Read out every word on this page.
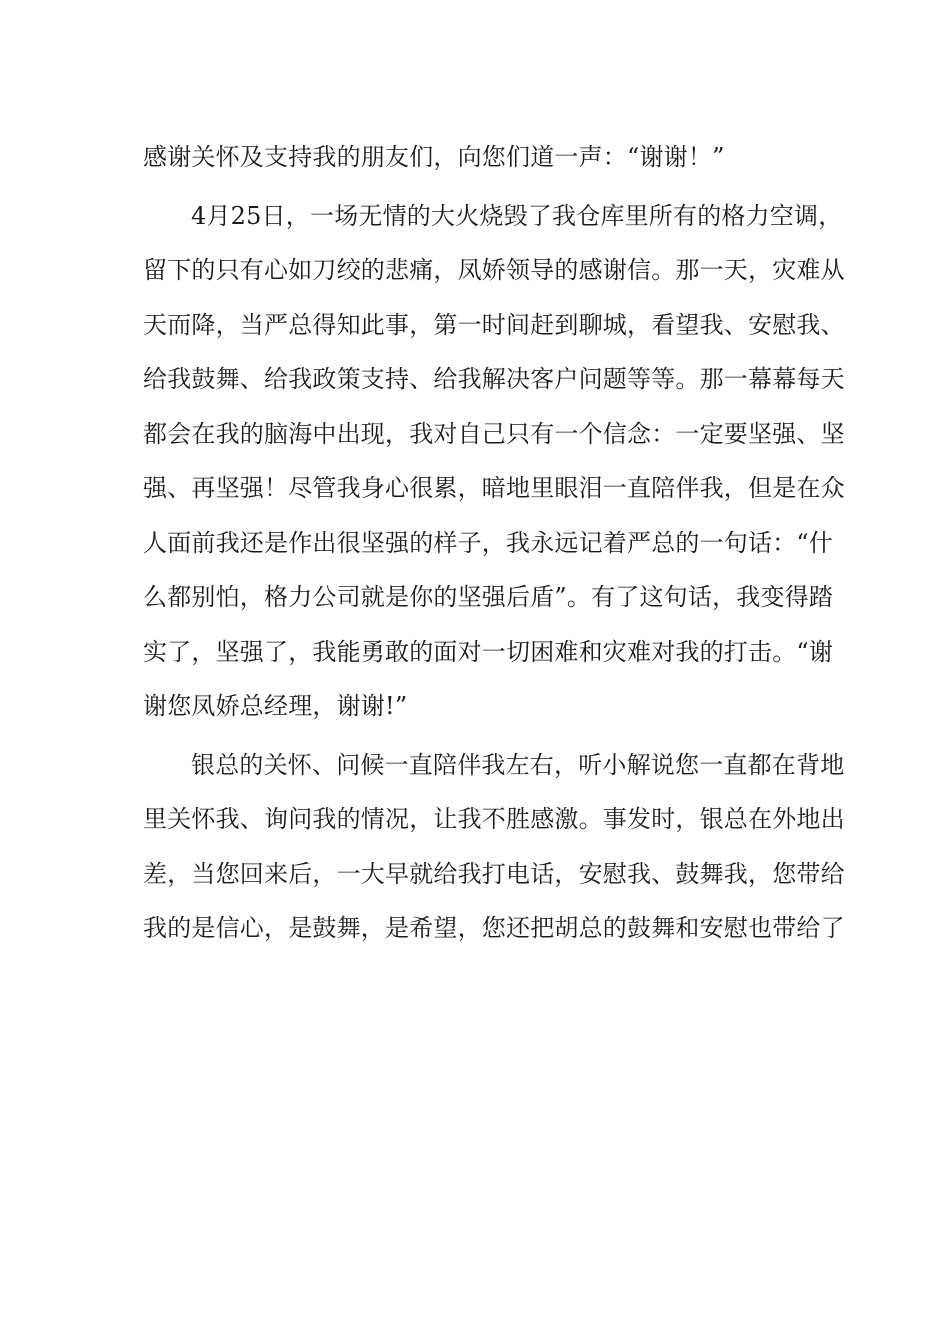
感谢关怀及支持我的朋友们，向您们道一声：“谢谢！”
4月25日，一场无情的大火烧毁了我仓库里所有的格力空调，
留下的只有心如刀绞的悲痛，凤娇领导的感谢信。那一天，灾难从
天而降，当严总得知此事，第一时间赶到聊城，看望我、安慰我、
给我鼓舞、给我政策支持、给我解决客户问题等等。那一幕幕每天
都会在我的脑海中出现，我对自己只有一个信念：一定要坚强、坚
强、再坚强！尽管我身心很累，暗地里眼泪一直陪伴我，但是在众
人面前我还是作出很坚强的样子，我永远记着严总的一句话：“什
么都别怕，格力公司就是你的坚强后盾”。有了这句话，我变得踏
实了，坚强了，我能勇敢的面对一切困难和灾难对我的打击。“谢
谢您凤娇总经理，谢谢!”
银总的关怀、问候一直陪伴我左右，听小解说您一直都在背地
里关怀我、询问我的情况，让我不胜感激。事发时，银总在外地出
差，当您回来后，一大早就给我打电话，安慰我、鼓舞我，您带给
我的是信心，是鼓舞，是希望，您还把胡总的鼓舞和安慰也带给了
